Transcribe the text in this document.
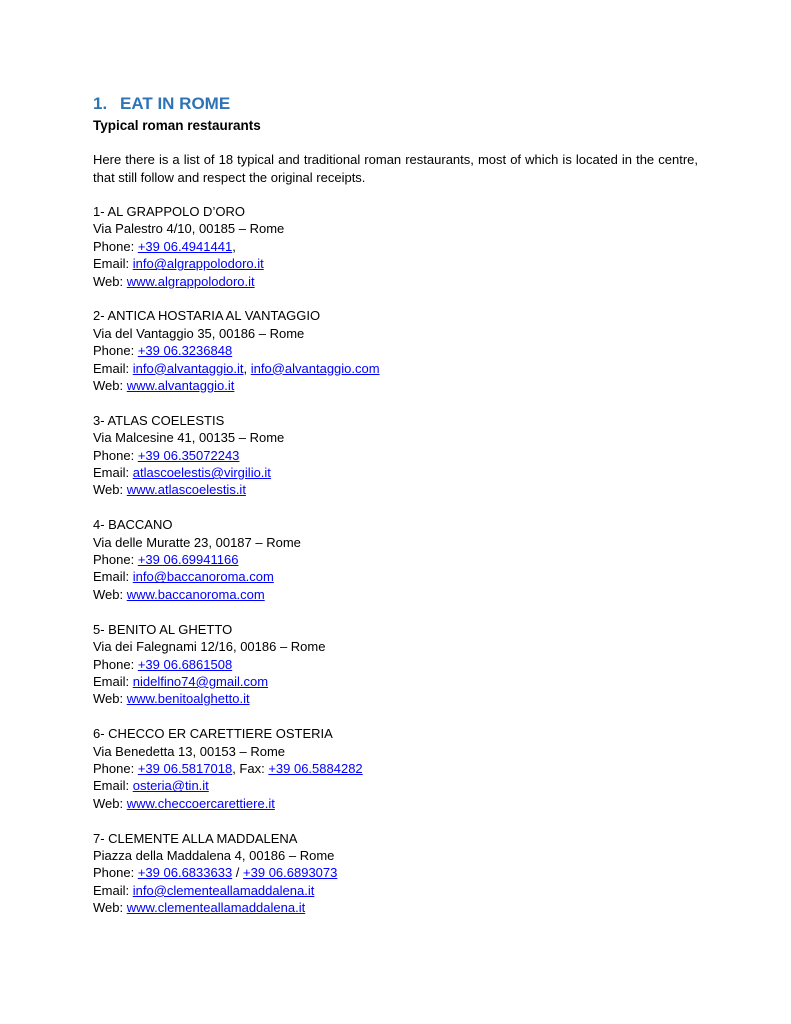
1. EAT IN ROME
Typical roman restaurants

Here there is a list of 18 typical and traditional roman restaurants, most of which is located in the centre, that still follow and respect the original receipts.

1- AL GRAPPOLO D’ORO
Via Palestro 4/10, 00185 – Rome
Phone: +39 06.4941441,
Email: info@algrappolodoro.it
Web: www.algrappolodoro.it
2- ANTICA HOSTARIA AL VANTAGGIO
Via del Vantaggio 35, 00186 – Rome
Phone: +39 06.3236848
Email: info@alvantaggio.it, info@alvantaggio.com
Web: www.alvantaggio.it
3- ATLAS COELESTIS
Via Malcesine 41, 00135 – Rome
Phone: +39 06.35072243
Email: atlascoelestis@virgilio.it
Web: www.atlascoelestis.it
4- BACCANO
Via delle Muratte 23, 00187 – Rome
Phone: +39 06.69941166
Email: info@baccanoroma.com
Web: www.baccanoroma.com
5- BENITO AL GHETTO
Via dei Falegnami 12/16, 00186 – Rome
Phone: +39 06.6861508
Email: nidelfino74@gmail.com
Web: www.benitoalghetto.it
6- CHECCO ER CARETTIERE OSTERIA
Via Benedetta 13, 00153 – Rome
Phone: +39 06.5817018, Fax: +39 06.5884282
Email: osteria@tin.it
Web: www.checcoercarettiere.it
7- CLEMENTE ALLA MADDALENA
Piazza della Maddalena 4, 00186 – Rome
Phone: +39 06.6833633 / +39 06.6893073
Email: info@clementeallamaddalena.it
Web: www.clementeallamaddalena.it
